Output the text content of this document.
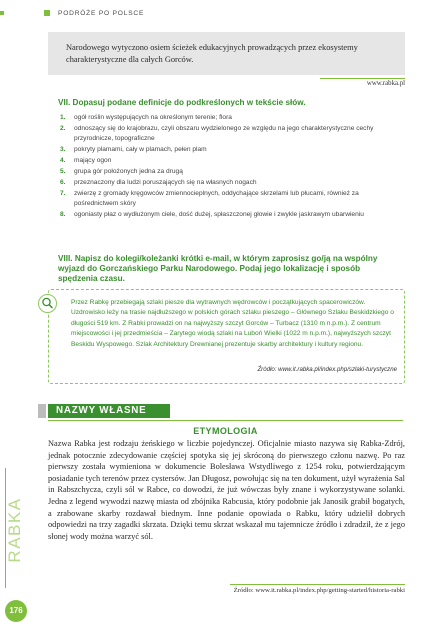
PODRÓŻE PO POLSCE
Narodowego wytyczono osiem ścieżek edukacyjnych prowadzących przez ekosystemy charakterystyczne dla całych Gorców.
www.rabka.pl
VII. Dopasuj podane definicje do podkreślonych w tekście słów.
1. ogół roślin występujących na określonym terenie; flora
2. odnoszący się do krajobrazu, czyli obszaru wydzielonego ze względu na jego charakterystyczne cechy przyrodnicze, topograficzne
3. pokryty plamami, cały w plamach, pełen plam
4. mający ogon
5. grupa gór położonych jedna za drugą
6. przeznaczony dla ludzi poruszających się na własnych nogach
7. zwierzę z gromady kręgowców zmiennocieplnych, oddychające skrzelami lub płucami, również za pośrednictwem skóry
8. ogoniasty płaz o wydłużonym ciele, dość dużej, spłaszczonej głowie i zwykle jaskrawym ubarwieniu
VIII. Napisz do kolegi/koleżanki krótki e-mail, w którym zaprosisz go/ją na wspólny wyjazd do Gorczańskiego Parku Narodowego. Podaj jego lokalizację i sposób spędzenia czasu.
Przez Rabkę przebiegają szlaki piesze dla wytrawnych wędrowców i początkujących spacerowiczów. Uzdrowisko leży na trasie najdłuższego w polskich górach szlaku pieszego – Głównego Szlaku Beskidzkiego o długości 519 km. Z Rabki prowadzi on na najwyższy szczyt Gorców – Turbacz (1310 m n.p.m.). Z centrum miejscowości i jej przedmieścia – Zarytego wiodą szlaki na Luboń Wielki (1022 m n.p.m.), najwyższych szczyt Beskidu Wyspowego. Szlak Architektury Drewnianej prezentuje skarby architektury i kultury regionu.
Źródło: www.it.rabka.pl/index.php/szlaki-turystyczne
RABKA
NAZWY WŁASNE
ETYMOLOGIA
Nazwa Rabka jest rodzaju żeńskiego w liczbie pojedynczej. Oficjalnie miasto nazywa się Rabka-Zdrój, jednak potocznie zdecydowanie częściej spotyka się jej skróconą do pierwszego członu nazwę. Po raz pierwszy została wymieniona w dokumencie Bolesława Wstydliwego z 1254 roku, potwierdzającym posiadanie tych terenów przez cystersów. Jan Długosz, powołując się na ten dokument, użył wyrażenia Sal in Rabszchycza, czyli sól w Rabce, co dowodzi, że już wówczas były znane i wykorzystywane solanki. Jedna z legend wywodzi nazwę miasta od zbójnika Rabcusia, który podobnie jak Janosik grabił bogatych, a zrabowane skarby rozdawał biednym. Inne podanie opowiada o Rabku, który udzielił dobrych odpowiedzi na trzy zagadki skrzata. Dzięki temu skrzat wskazał mu tajemnicze źródło i zdradził, że z jego słonej wody można warzyć sól.
Źródło: www.it.rabka.pl/index.php/getting-started/historia-rabki
176
